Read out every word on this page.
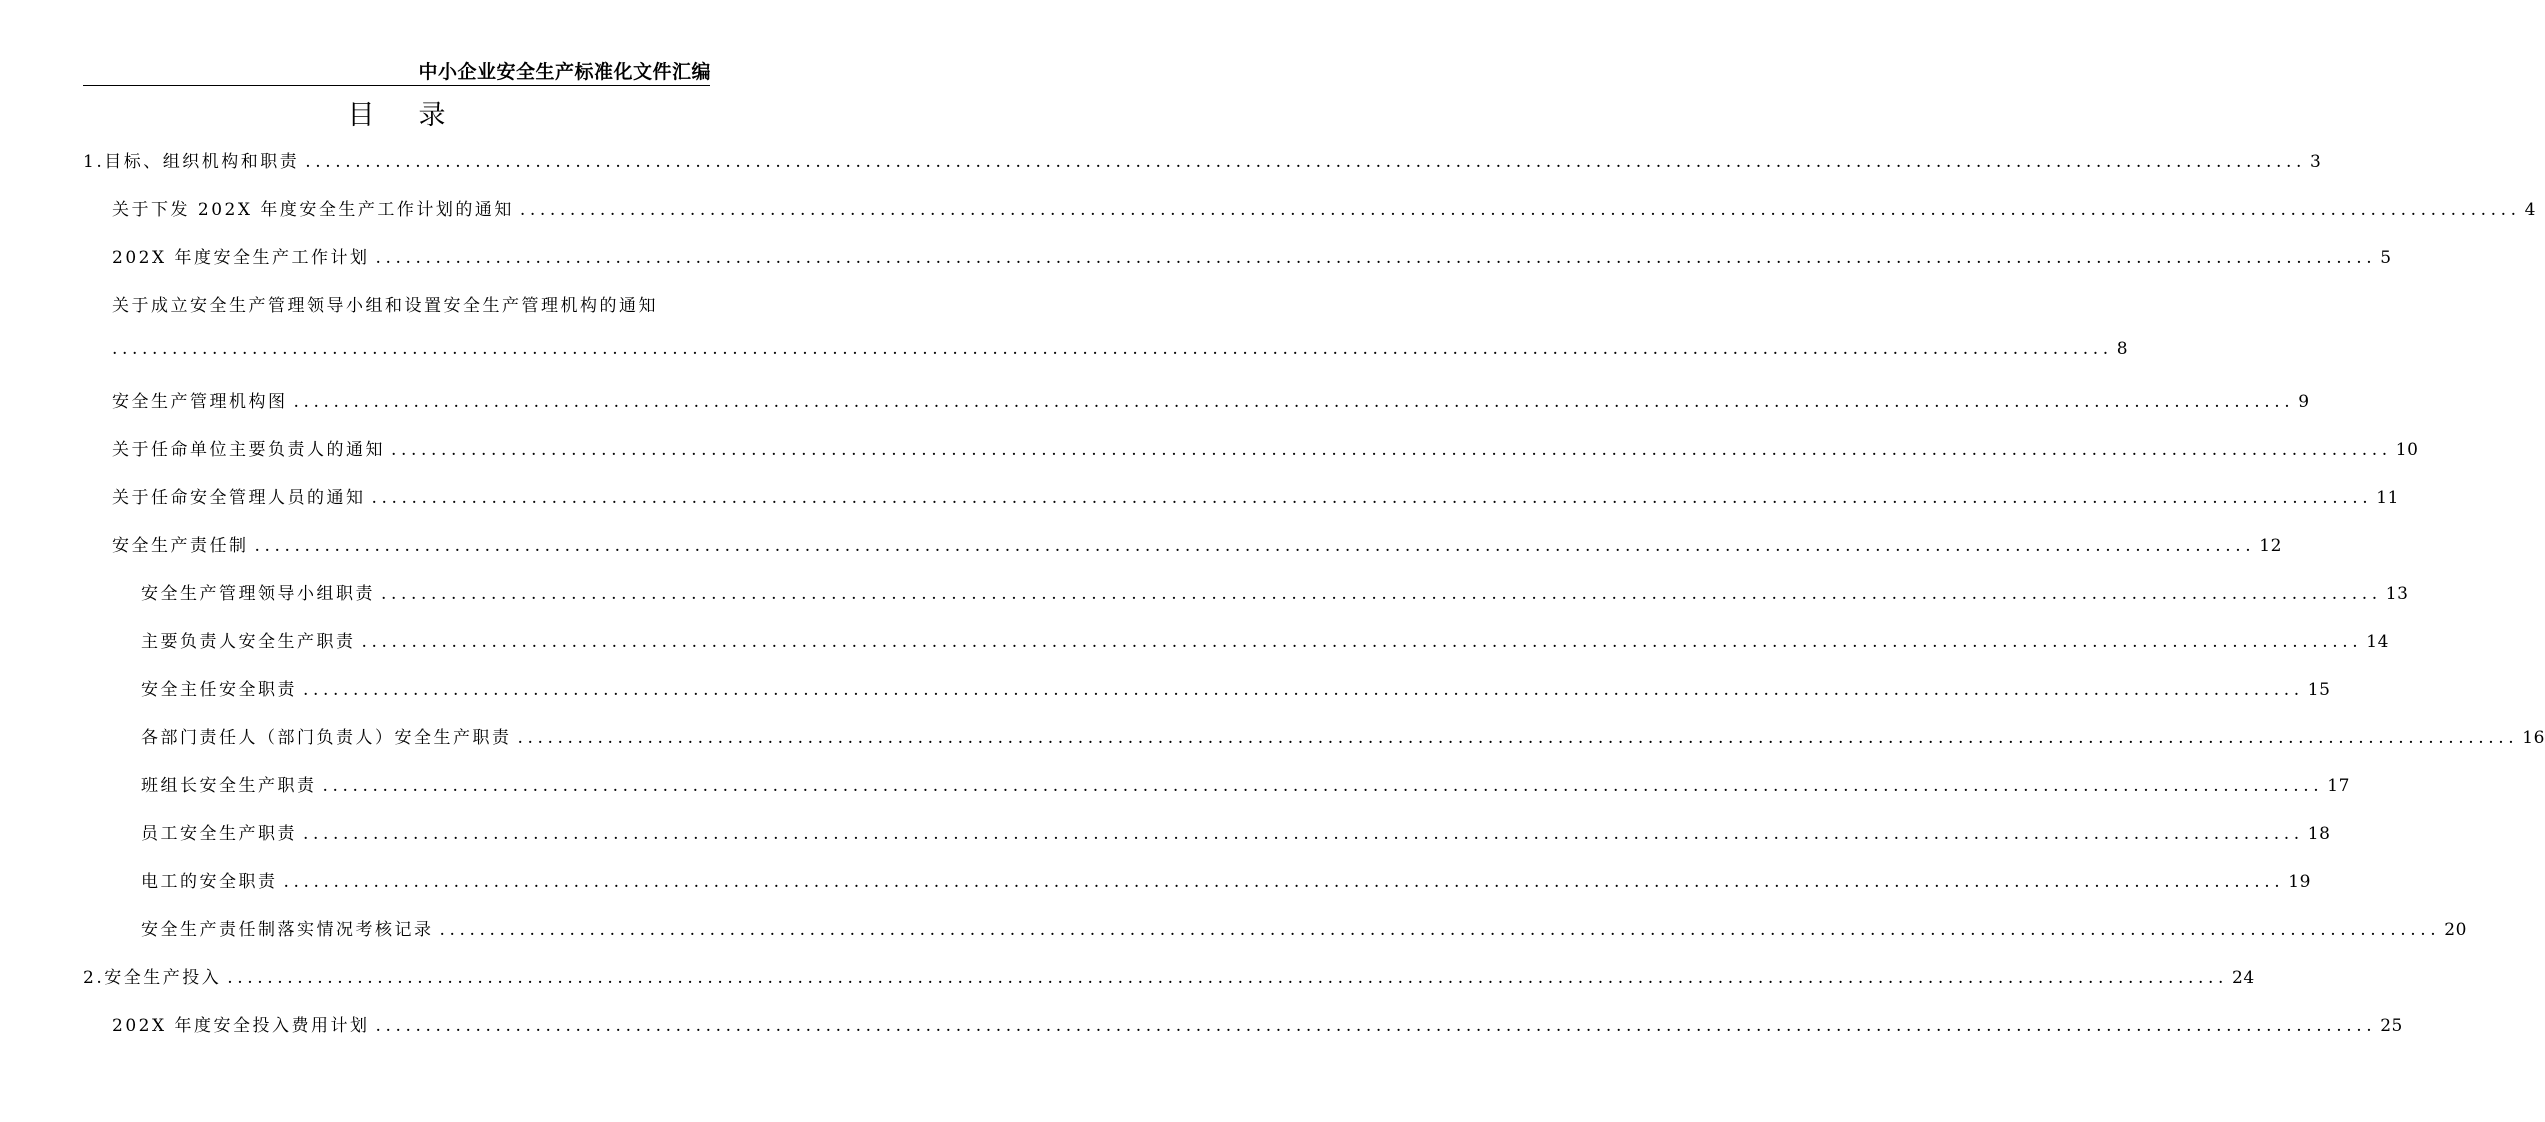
中小企业安全生产标准化文件汇编
目 录
1.目标、组织机构和职责 ........................................................................................................................................................................................................ 3
关于下发 202X 年度安全生产工作计划的通知 ........................................................................................................................................................................................................ 4
202X 年度安全生产工作计划 ........................................................................................................................................................................................................ 5
关于成立安全生产管理领导小组和设置安全生产管理机构的通知
........................................................................................................................................................................................................ 8
安全生产管理机构图 ........................................................................................................................................................................................................ 9
关于任命单位主要负责人的通知 ........................................................................................................................................................................................................ 10
关于任命安全管理人员的通知 ........................................................................................................................................................................................................ 11
安全生产责任制 ........................................................................................................................................................................................................ 12
安全生产管理领导小组职责 ........................................................................................................................................................................................................ 13
主要负责人安全生产职责 ........................................................................................................................................................................................................ 14
安全主任安全职责 ........................................................................................................................................................................................................ 15
各部门责任人（部门负责人）安全生产职责 ........................................................................................................................................................................................................ 16
班组长安全生产职责 ........................................................................................................................................................................................................ 17
员工安全生产职责 ........................................................................................................................................................................................................ 18
电工的安全职责 ........................................................................................................................................................................................................ 19
安全生产责任制落实情况考核记录 ........................................................................................................................................................................................................ 20
2.安全生产投入 ........................................................................................................................................................................................................ 24
202X 年度安全投入费用计划 ........................................................................................................................................................................................................ 25
